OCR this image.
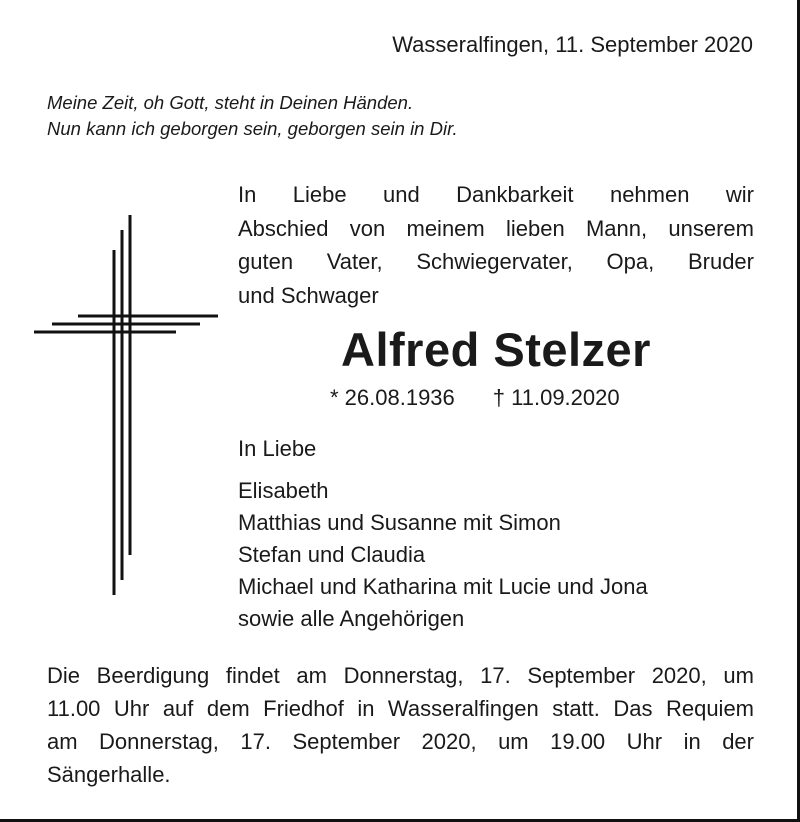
Wasseralfingen, 11. September 2020
Meine Zeit, oh Gott, steht in Deinen Händen.
Nun kann ich geborgen sein, geborgen sein in Dir.
In Liebe und Dankbarkeit nehmen wir
Abschied von meinem lieben Mann, unserem
guten Vater, Schwiegervater, Opa, Bruder
und Schwager
Alfred Stelzer
* 26.08.1936 † 11.09.2020
In Liebe
Elisabeth
Matthias und Susanne mit Simon
Stefan und Claudia
Michael und Katharina mit Lucie und Jona
sowie alle Angehörigen
Die Beerdigung findet am Donnerstag, 17. September 2020, um
11.00 Uhr auf dem Friedhof in Wasseralfingen statt. Das Requiem
am Donnerstag, 17. September 2020, um 19.00 Uhr in der
Sängerhalle.
